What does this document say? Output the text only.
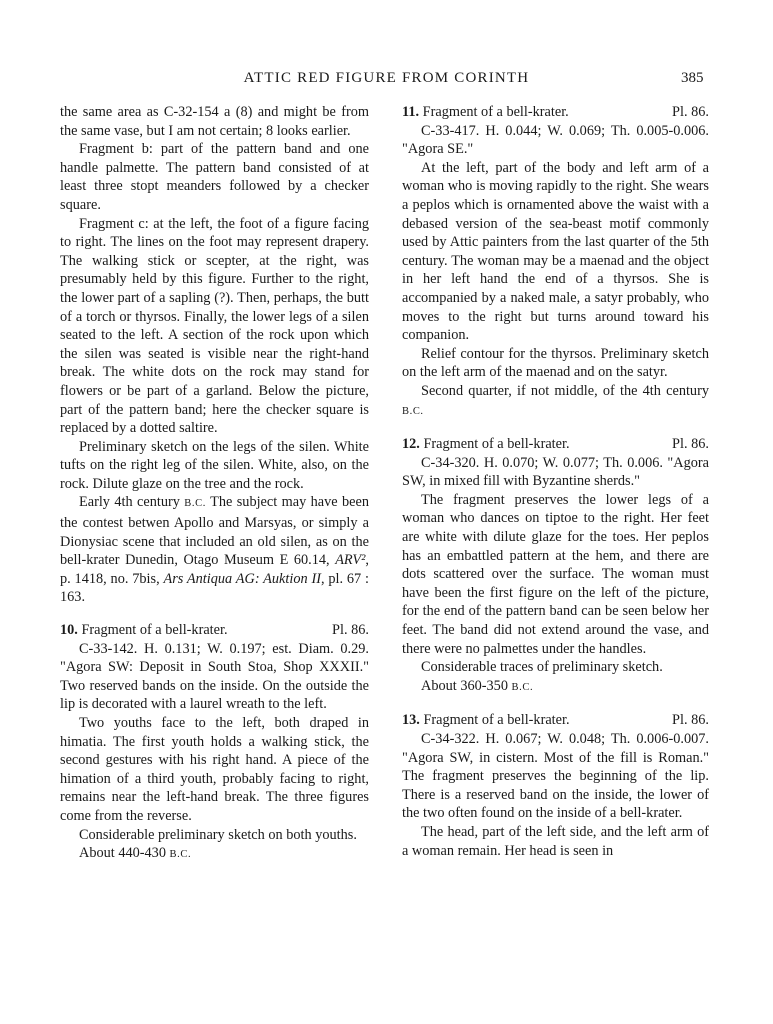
ATTIC RED FIGURE FROM CORINTH	385

the same area as C-32-154 a (8) and might be from the same vase, but I am not certain; 8 looks earlier.

Fragment b: part of the pattern band and one handle palmette. The pattern band consisted of at least three stopt meanders followed by a checker square.

Fragment c: at the left, the foot of a figure facing to right. The lines on the foot may represent drapery. The walking stick or scepter, at the right, was presumably held by this figure. Further to the right, the lower part of a sapling (?). Then, perhaps, the butt of a torch or thyrsos. Finally, the lower legs of a silen seated to the left. A section of the rock upon which the silen was seated is visible near the right-hand break. The white dots on the rock may stand for flowers or be part of a garland. Below the picture, part of the pattern band; here the checker square is replaced by a dotted saltire.

Preliminary sketch on the legs of the silen. White tufts on the right leg of the silen. White, also, on the rock. Dilute glaze on the tree and the rock.

Early 4th century B.C. The subject may have been the contest betwen Apollo and Marsyas, or simply a Dionysiac scene that included an old silen, as on the bell-krater Dunedin, Otago Museum E 60.14, ARV², p. 1418, no. 7bis, Ars Antiqua AG: Auktion II, pl. 67 : 163.

10. Fragment of a bell-krater.	Pl. 86.

C-33-142. H. 0.131; W. 0.197; est. Diam. 0.29. "Agora SW: Deposit in South Stoa, Shop XXXII." Two reserved bands on the inside. On the outside the lip is decorated with a laurel wreath to the left.

Two youths face to the left, both draped in himatia. The first youth holds a walking stick, the second gestures with his right hand. A piece of the himation of a third youth, probably facing to right, remains near the left-hand break. The three figures come from the reverse.

Considerable preliminary sketch on both youths.

About 440-430 B.C.

11. Fragment of a bell-krater.	Pl. 86.

C-33-417. H. 0.044; W. 0.069; Th. 0.005-0.006. "Agora SE."

At the left, part of the body and left arm of a woman who is moving rapidly to the right. She wears a peplos which is ornamented above the waist with a debased version of the sea-beast motif commonly used by Attic painters from the last quarter of the 5th century. The woman may be a maenad and the object in her left hand the end of a thyrsos. She is accompanied by a naked male, a satyr probably, who moves to the right but turns around toward his companion.

Relief contour for the thyrsos. Preliminary sketch on the left arm of the maenad and on the satyr.

Second quarter, if not middle, of the 4th century B.C.

12. Fragment of a bell-krater.	Pl. 86.

C-34-320. H. 0.070; W. 0.077; Th. 0.006. "Agora SW, in mixed fill with Byzantine sherds."

The fragment preserves the lower legs of a woman who dances on tiptoe to the right. Her feet are white with dilute glaze for the toes. Her peplos has an embattled pattern at the hem, and there are dots scattered over the surface. The woman must have been the first figure on the left of the picture, for the end of the pattern band can be seen below her feet. The band did not extend around the vase, and there were no palmettes under the handles.

Considerable traces of preliminary sketch.

About 360-350 B.C.

13. Fragment of a bell-krater.	Pl. 86.

C-34-322. H. 0.067; W. 0.048; Th. 0.006-0.007. "Agora SW, in cistern. Most of the fill is Roman." The fragment preserves the beginning of the lip. There is a reserved band on the inside, the lower of the two often found on the inside of a bell-krater.

The head, part of the left side, and the left arm of a woman remain. Her head is seen in
